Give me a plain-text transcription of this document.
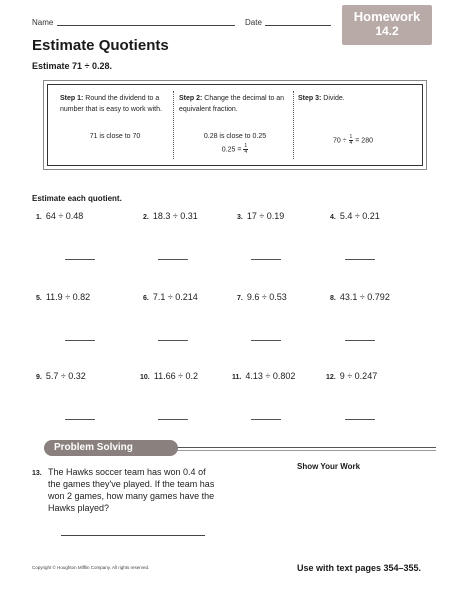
Name	Date	Homework
14.2
Estimate Quotients
Estimate 71 ÷ 0.28.
Step 1: Round the dividend to a number that is easy to work with.
71 is close to 70
Step 2: Change the decimal to an equivalent fraction.
0.28 is close to 0.25
$0.25 = \frac{1}{4}$
Step 3: Divide.
$70 \div \frac{1}{4} = 280$
Estimate each quotient.
1. 64 ÷ 0.48	2. 18.3 ÷ 0.31	3. 17 ÷ 0.19	4. 5.4 ÷ 0.21
5. 11.9 ÷ 0.82	6. 7.1 ÷ 0.214	7. 9.6 ÷ 0.53	8. 43.1 ÷ 0.792
9. 5.7 ÷ 0.32	10. 11.66 ÷ 0.2	11. 4.13 ÷ 0.802	12. 9 ÷ 0.247
Problem Solving
13. The Hawks soccer team has won 0.4 of the games they've played. If the team has won 2 games, how many games have the Hawks played?
Show Your Work
Copyright © Houghton Mifflin Company. All rights reserved.	Use with text pages 354–355.
